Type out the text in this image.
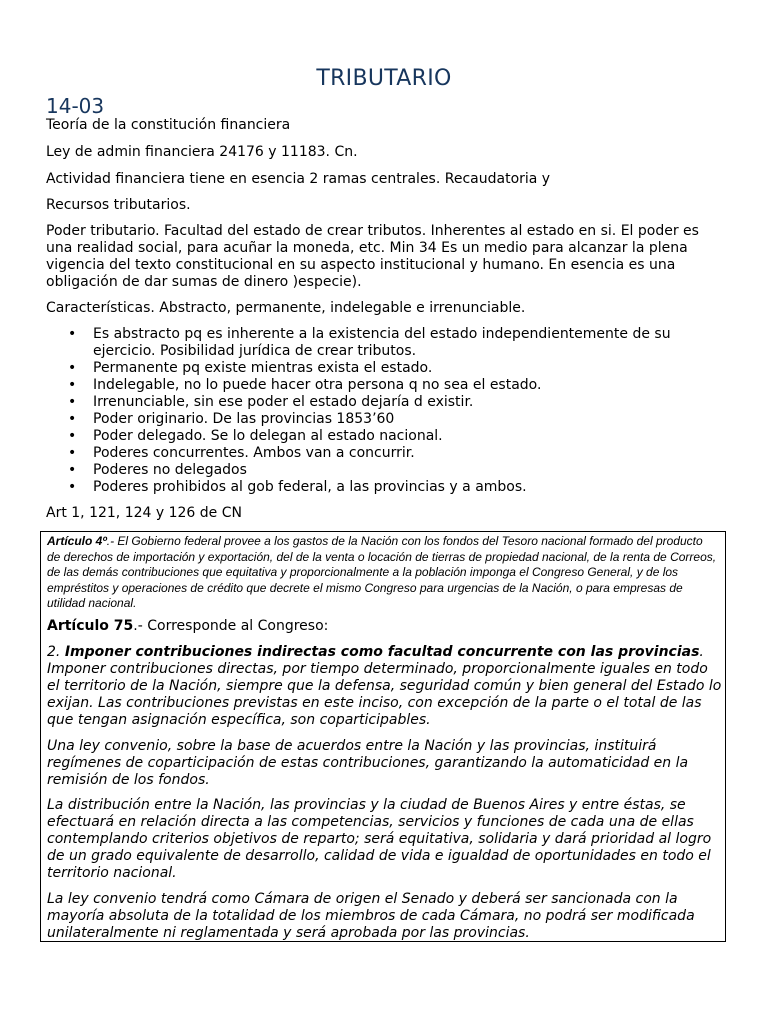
TRIBUTARIO
14-03
Teoría de la constitución financiera
Ley de admin financiera 24176 y 11183. Cn.
Actividad financiera tiene en esencia 2 ramas centrales. Recaudatoria y
Recursos tributarios.
Poder tributario. Facultad del estado de crear tributos. Inherentes al estado en si. El poder es una realidad social, para acuñar la moneda, etc. Min 34 Es un medio para alcanzar la plena vigencia del texto constitucional en su aspecto institucional y humano. En esencia es una obligación de dar sumas de dinero )especie).
Características. Abstracto, permanente, indelegable e irrenunciable.
• Es abstracto pq es inherente a la existencia del estado independientemente de su ejercicio. Posibilidad jurídica de crear tributos.
• Permanente pq existe mientras exista el estado.
• Indelegable, no lo puede hacer otra persona q no sea el estado.
• Irrenunciable, sin ese poder el estado dejaría d existir.
• Poder originario. De las provincias 1853’60
• Poder delegado. Se lo delegan al estado nacional.
• Poderes concurrentes. Ambos van a concurrir.
• Poderes no delegados
• Poderes prohibidos al gob federal, a las provincias y a ambos.
Art 1, 121, 124 y 126 de CN
Artículo 4º.- El Gobierno federal provee a los gastos de la Nación con los fondos del Tesoro nacional formado del producto de derechos de importación y exportación, del de la venta o locación de tierras de propiedad nacional, de la renta de Correos, de las demás contribuciones que equitativa y proporcionalmente a la población imponga el Congreso General, y de los empréstitos y operaciones de crédito que decrete el mismo Congreso para urgencias de la Nación, o para empresas de utilidad nacional.
Artículo 75.- Corresponde al Congreso:
2. Imponer contribuciones indirectas como facultad concurrente con las provincias. Imponer contribuciones directas, por tiempo determinado, proporcionalmente iguales en todo el territorio de la Nación, siempre que la defensa, seguridad común y bien general del Estado lo exijan. Las contribuciones previstas en este inciso, con excepción de la parte o el total de las que tengan asignación específica, son coparticipables.
Una ley convenio, sobre la base de acuerdos entre la Nación y las provincias, instituirá regímenes de coparticipación de estas contribuciones, garantizando la automaticidad en la remisión de los fondos.
La distribución entre la Nación, las provincias y la ciudad de Buenos Aires y entre éstas, se efectuará en relación directa a las competencias, servicios y funciones de cada una de ellas contemplando criterios objetivos de reparto; será equitativa, solidaria y dará prioridad al logro de un grado equivalente de desarrollo, calidad de vida e igualdad de oportunidades en todo el territorio nacional.
La ley convenio tendrá como Cámara de origen el Senado y deberá ser sancionada con la mayoría absoluta de la totalidad de los miembros de cada Cámara, no podrá ser modificada unilateralmente ni reglamentada y será aprobada por las provincias.
